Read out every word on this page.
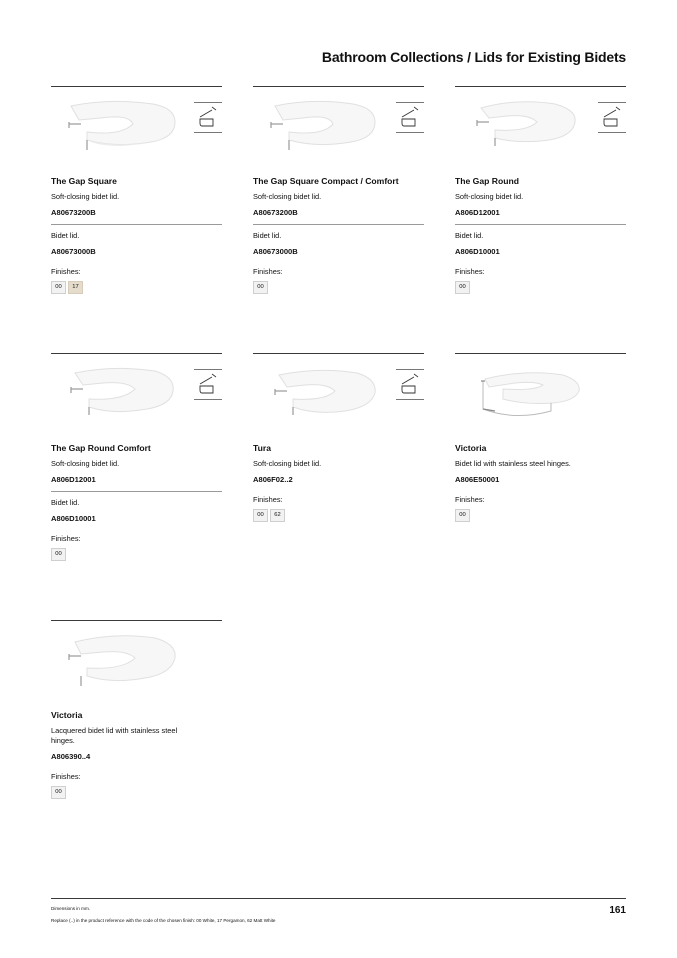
Bathroom Collections / Lids for Existing Bidets
The Gap Square
Soft-closing bidet lid.
A80673200B
Bidet lid.
A80673000B
Finishes:
00 17
The Gap Square Compact / Comfort
Soft-closing bidet lid.
A80673200B
Bidet lid.
A80673000B
Finishes:
00
The Gap Round
Soft-closing bidet lid.
A806D12001
Bidet lid.
A806D10001
Finishes:
00
The Gap Round Comfort
Soft-closing bidet lid.
A806D12001
Bidet lid.
A806D10001
Finishes:
00
Tura
Soft-closing bidet lid.
A806F02..2
Finishes:
00 62
Victoria
Bidet lid with stainless steel hinges.
A806E50001
Finishes:
00
Victoria
Lacquered bidet lid with stainless steel hinges.
A806390..4
Finishes:
00
Dimensions in mm.
Replace (..) in the product reference with the code of the chosen finish: 00 White, 17 Pergamon, 62 Matt White
161
